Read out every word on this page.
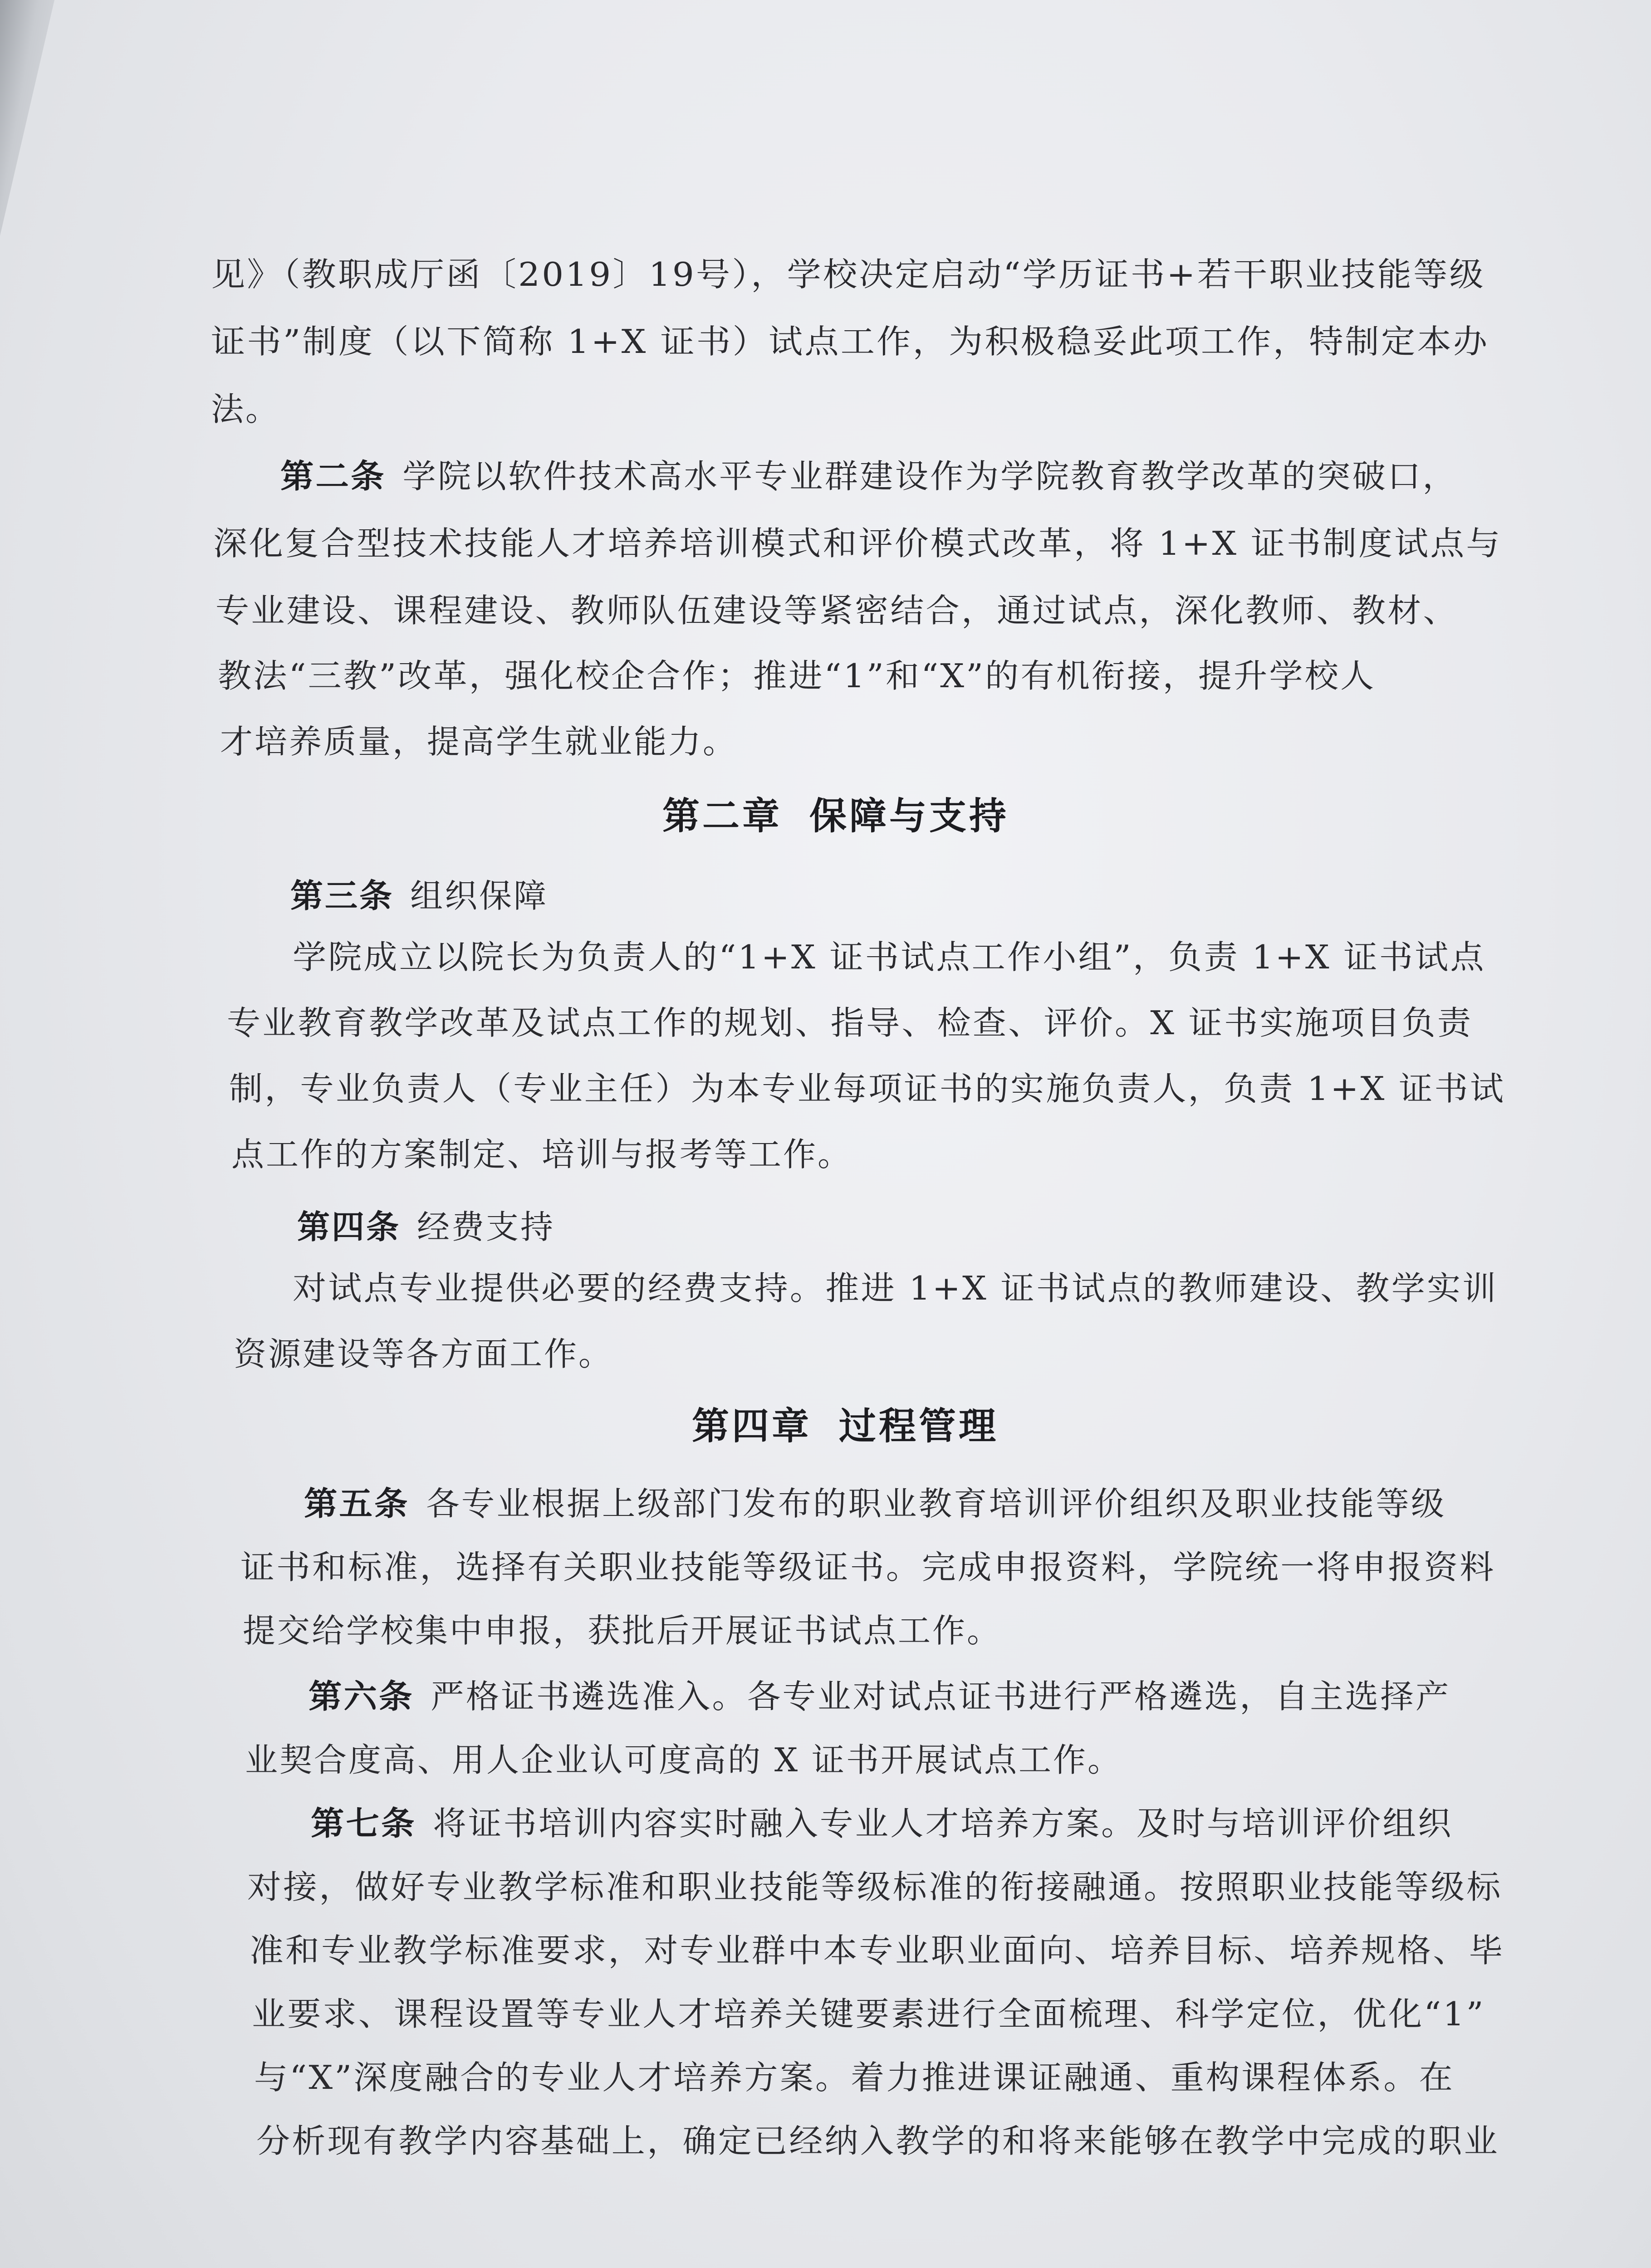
见》（教职成厅函〔2019〕19号），学校决定启动“学历证书+若干职业技能等级
证书”制度（以下简称 1+X 证书）试点工作，为积极稳妥此项工作，特制定本办
法。
第二条 学院以软件技术高水平专业群建设作为学院教育教学改革的突破口，
深化复合型技术技能人才培养培训模式和评价模式改革，将 1+X 证书制度试点与
专业建设、课程建设、教师队伍建设等紧密结合，通过试点，深化教师、教材、
教法“三教”改革，强化校企合作；推进“1”和“X”的有机衔接，提升学校人
才培养质量，提高学生就业能力。
第二章 保障与支持
第三条 组织保障
学院成立以院长为负责人的“1+X 证书试点工作小组”，负责 1+X 证书试点
专业教育教学改革及试点工作的规划、指导、检查、评价。X 证书实施项目负责
制，专业负责人（专业主任）为本专业每项证书的实施负责人，负责 1+X 证书试
点工作的方案制定、培训与报考等工作。
第四条 经费支持
对试点专业提供必要的经费支持。推进 1+X 证书试点的教师建设、教学实训
资源建设等各方面工作。
第四章 过程管理
第五条 各专业根据上级部门发布的职业教育培训评价组织及职业技能等级
证书和标准，选择有关职业技能等级证书。完成申报资料，学院统一将申报资料
提交给学校集中申报，获批后开展证书试点工作。
第六条 严格证书遴选准入。各专业对试点证书进行严格遴选，自主选择产
业契合度高、用人企业认可度高的 X 证书开展试点工作。
第七条 将证书培训内容实时融入专业人才培养方案。及时与培训评价组织
对接，做好专业教学标准和职业技能等级标准的衔接融通。按照职业技能等级标
准和专业教学标准要求，对专业群中本专业职业面向、培养目标、培养规格、毕
业要求、课程设置等专业人才培养关键要素进行全面梳理、科学定位，优化“1”
与“X”深度融合的专业人才培养方案。着力推进课证融通、重构课程体系。在
分析现有教学内容基础上，确定已经纳入教学的和将来能够在教学中完成的职业
